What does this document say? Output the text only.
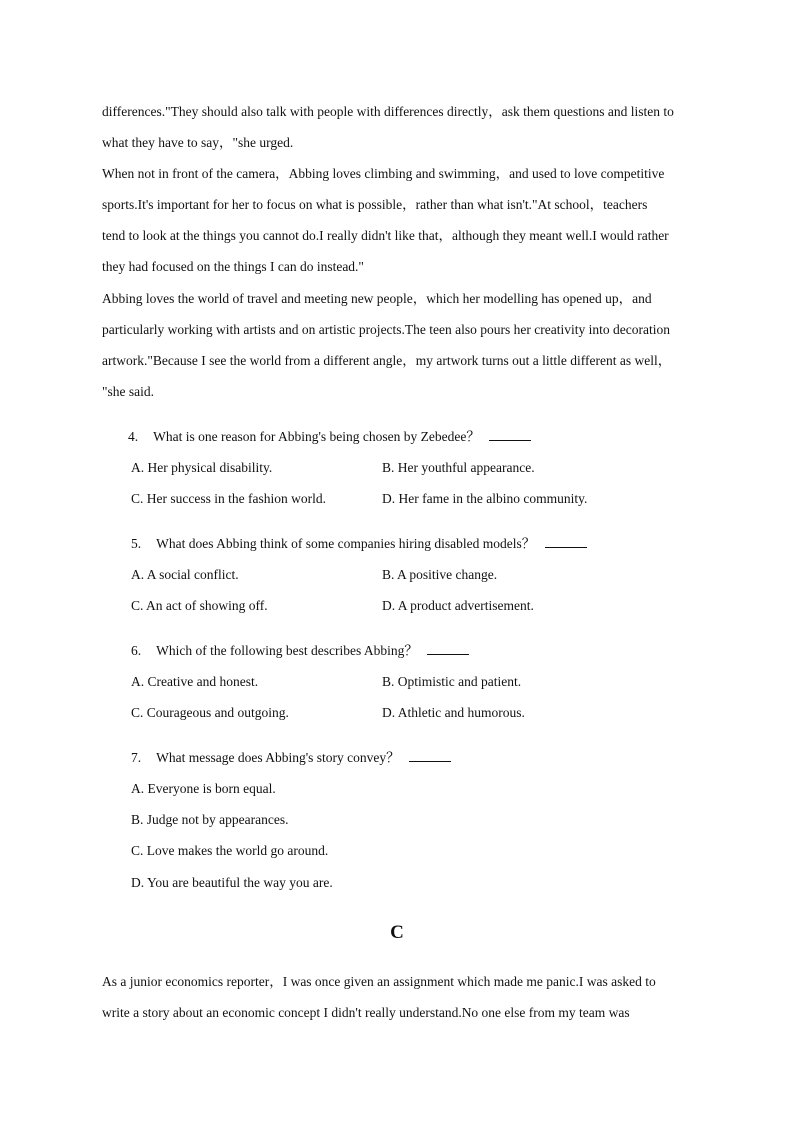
differences."They should also talk with people with differences directly，ask them questions and listen to
what they have to say，"she urged.
When not in front of the camera，Abbing loves climbing and swimming，and used to love competitive
sports.It's important for her to focus on what is possible，rather than what isn't."At school，teachers
tend to look at the things you cannot do.I really didn't like that，although they meant well.I would rather
they had focused on the things I can do instead."
Abbing loves the world of travel and meeting new people，which her modelling has opened up，and
particularly working with artists and on artistic projects.The teen also pours her creativity into decoration
artwork."Because I see the world from a different angle，my artwork turns out a little different as well，
"she said.
4. What is one reason for Abbing's being chosen by Zebedee？
A. Her physical disability.	B. Her youthful appearance.
C. Her success in the fashion world.	D. Her fame in the albino community.
5. What does Abbing think of some companies hiring disabled models？
A. A social conflict.	B. A positive change.
C. An act of showing off.	D. A product advertisement.
6. Which of the following best describes Abbing？
A. Creative and honest.	B. Optimistic and patient.
C. Courageous and outgoing.	D. Athletic and humorous.
7. What message does Abbing's story convey？
A. Everyone is born equal.
B. Judge not by appearances.
C. Love makes the world go around.
D. You are beautiful the way you are.
C
As a junior economics reporter，I was once given an assignment which made me panic.I was asked to
write a story about an economic concept I didn't really understand.No one else from my team was
